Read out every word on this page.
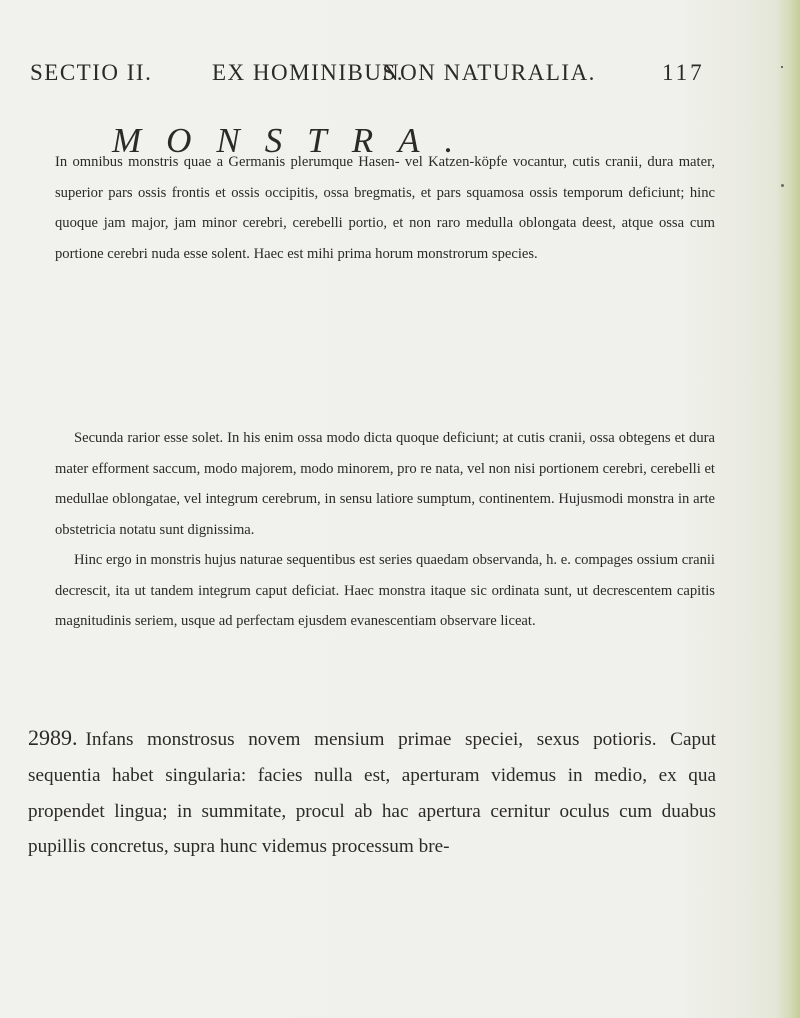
SECTIO II.	EX HOMINIBUS.
NON NATURALIA.	117
MONSTRA.

In omnibus monstris quae a Germanis plerumque Hasen- vel Katzen-köpfe vocantur, cutis cranii, dura mater, superior pars ossis frontis et ossis occipitis, ossa bregmatis, et pars squamosa ossis temporum deficiunt; hinc quoque jam major, jam minor cerebri, cerebelli portio, et non raro medulla oblongata deest, atque ossa cum portione cerebri nuda esse solent. Haec est mihi prima horum monstrorum species.

Secunda rarior esse solet. In his enim ossa modo dicta quoque deficiunt; at cutis cranii, ossa obtegens et dura mater efforment saccum, modo majorem, modo minorem, pro re nata, vel non nisi portionem cerebri, cerebelli et medullae oblongatae, vel integrum cerebrum, in sensu latiore sumptum, continentem. Hujusmodi monstra in arte obstetricia notatu sunt dignissima.

Hinc ergo in monstris hujus naturae sequentibus est series quaedam observanda, h. e. compages ossium cranii decrescit, ita ut tandem integrum caput deficiat. Haec monstra itaque sic ordinata sunt, ut decrescentem capitis magnitudinis seriem, usque ad perfectam ejusdem evanescentiam observare liceat.

2989. Infans monstrosus novem mensium primae speciei, sexus potioris. Caput sequentia habet singularia: facies nulla est, aperturam videmus in medio, ex qua propendet lingua; in summitate, procul ab hac apertura cernitur oculus cum duabus pupillis concretus, supra hunc videmus processum bre-
